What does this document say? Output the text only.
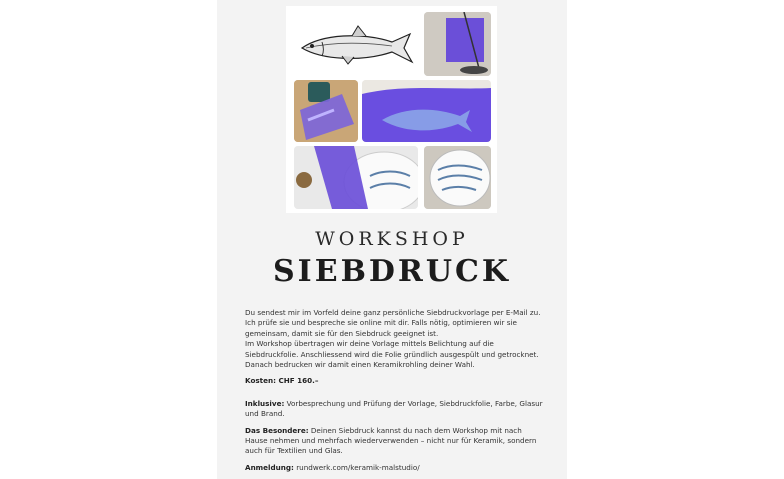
WORKSHOP
SIEBDRUCK

Du sendest mir im Vorfeld deine ganz persönliche Siebdruckvorlage per E-Mail zu. Ich prüfe sie und bespreche sie online mit dir. Falls nötig, optimieren wir sie gemeinsam, damit sie für den Siebdruck geeignet ist.

Im Workshop übertragen wir deine Vorlage mittels Belichtung auf die Siebdruckfolie. Anschliessend wird die Folie gründlich ausgespült und getrocknet. Danach bedrucken wir damit einen Keramikrohling deiner Wahl.

Kosten: CHF 160.–

Inklusive: Vorbesprechung und Prüfung der Vorlage, Siebdruckfolie, Farbe, Glasur und Brand.

Das Besondere: Deinen Siebdruck kannst du nach dem Workshop mit nach Hause nehmen und mehrfach wiederverwenden – nicht nur für Keramik, sondern auch für Textilien und Glas.

Anmeldung: rundwerk.com/keramik-malstudio/
